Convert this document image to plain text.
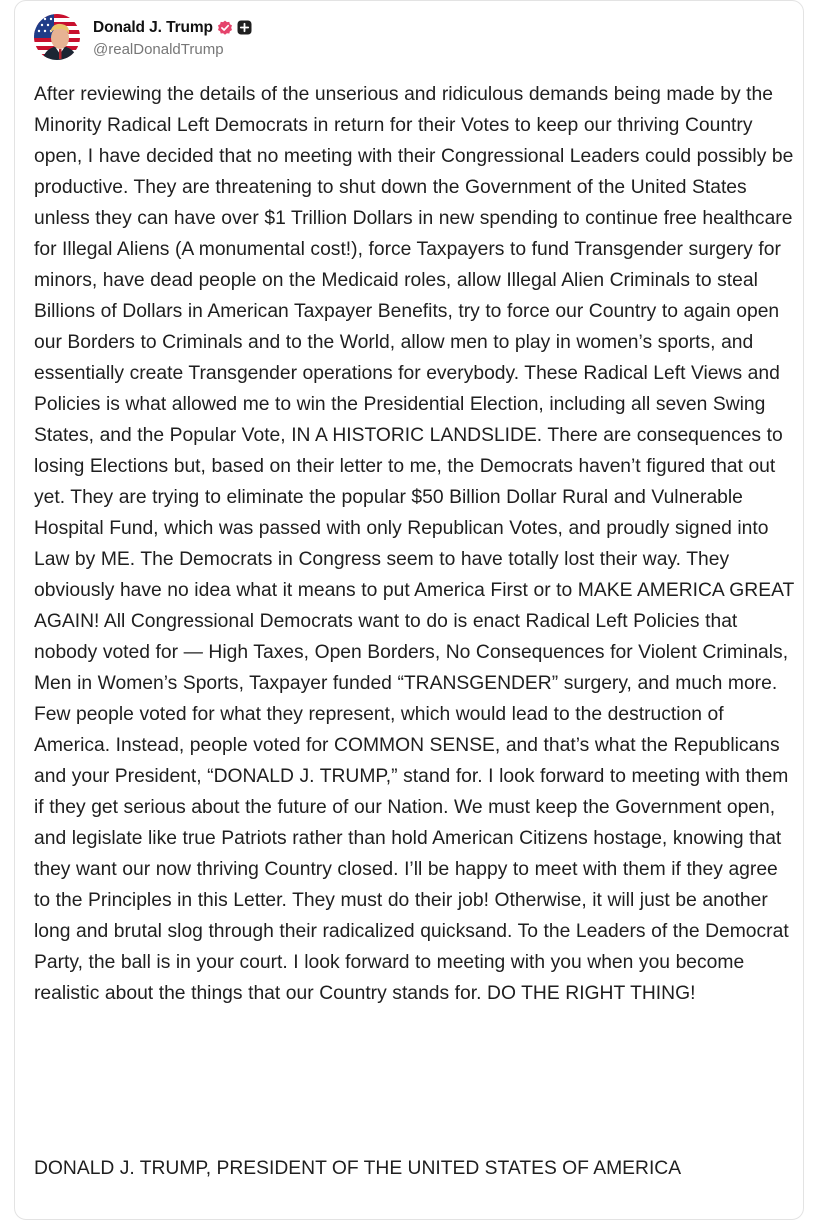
Donald J. Trump
@realDonaldTrump

After reviewing the details of the unserious and ridiculous demands being made by the Minority Radical Left Democrats in return for their Votes to keep our thriving Country open, I have decided that no meeting with their Congressional Leaders could possibly be productive. They are threatening to shut down the Government of the United States unless they can have over $1 Trillion Dollars in new spending to continue free healthcare for Illegal Aliens (A monumental cost!), force Taxpayers to fund Transgender surgery for minors, have dead people on the Medicaid roles, allow Illegal Alien Criminals to steal Billions of Dollars in American Taxpayer Benefits, try to force our Country to again open our Borders to Criminals and to the World, allow men to play in women’s sports, and essentially create Transgender operations for everybody. These Radical Left Views and Policies is what allowed me to win the Presidential Election, including all seven Swing States, and the Popular Vote, IN A HISTORIC LANDSLIDE. There are consequences to losing Elections but, based on their letter to me, the Democrats haven’t figured that out yet. They are trying to eliminate the popular $50 Billion Dollar Rural and Vulnerable Hospital Fund, which was passed with only Republican Votes, and proudly signed into Law by ME. The Democrats in Congress seem to have totally lost their way. They obviously have no idea what it means to put America First or to MAKE AMERICA GREAT AGAIN! All Congressional Democrats want to do is enact Radical Left Policies that nobody voted for — High Taxes, Open Borders, No Consequences for Violent Criminals, Men in Women’s Sports, Taxpayer funded “TRANSGENDER” surgery, and much more. Few people voted for what they represent, which would lead to the destruction of America. Instead, people voted for COMMON SENSE, and that’s what the Republicans and your President, “DONALD J. TRUMP,” stand for. I look forward to meeting with them if they get serious about the future of our Nation. We must keep the Government open, and legislate like true Patriots rather than hold American Citizens hostage, knowing that they want our now thriving Country closed. I’ll be happy to meet with them if they agree to the Principles in this Letter. They must do their job! Otherwise, it will just be another long and brutal slog through their radicalized quicksand. To the Leaders of the Democrat Party, the ball is in your court. I look forward to meeting with you when you become realistic about the things that our Country stands for. DO THE RIGHT THING!

DONALD J. TRUMP, PRESIDENT OF THE UNITED STATES OF AMERICA
